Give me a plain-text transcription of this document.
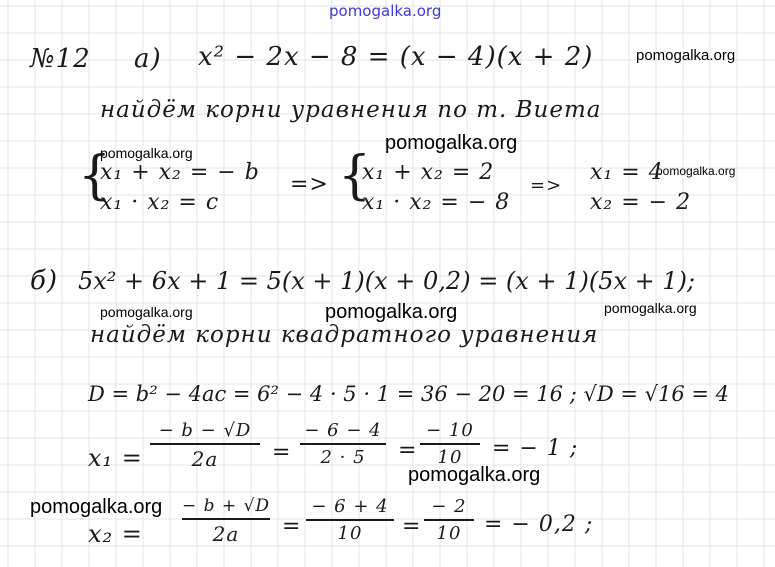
pomogalka.org
pomogalka.org
pomogalka.org
pomogalka.org
pomogalka.org
pomogalka.org	pomogalka.org	pomogalka.org
pomogalka.org
pomogalka.org
№12 а) x² − 2x − 8 = (x − 4)(x + 2)
найдём корни уравнения по т. Виета
{
x₁ + x₂ = − b
x₁ · x₂ = c
=> {
x₁ + x₂ = 2
x₁ · x₂ = − 8
=>
x₁ = 4
x₂ = − 2
б) 5x² + 6x + 1 = 5(x + 1)(x + 0,2) = (x + 1)(5x + 1);
найдём корни квадратного уравнения
D = b² − 4ac = 6² − 4 · 5 · 1 = 36 − 20 = 16 ; √D = √16 = 4
x₁ =
− b − √D
2a	=
− 6 − 4
2 · 5	=
− 10
10	= − 1 ;
x₂ =
− b + √D
2a	=
− 6 + 4
10	=
− 2
10	= − 0,2 ;
